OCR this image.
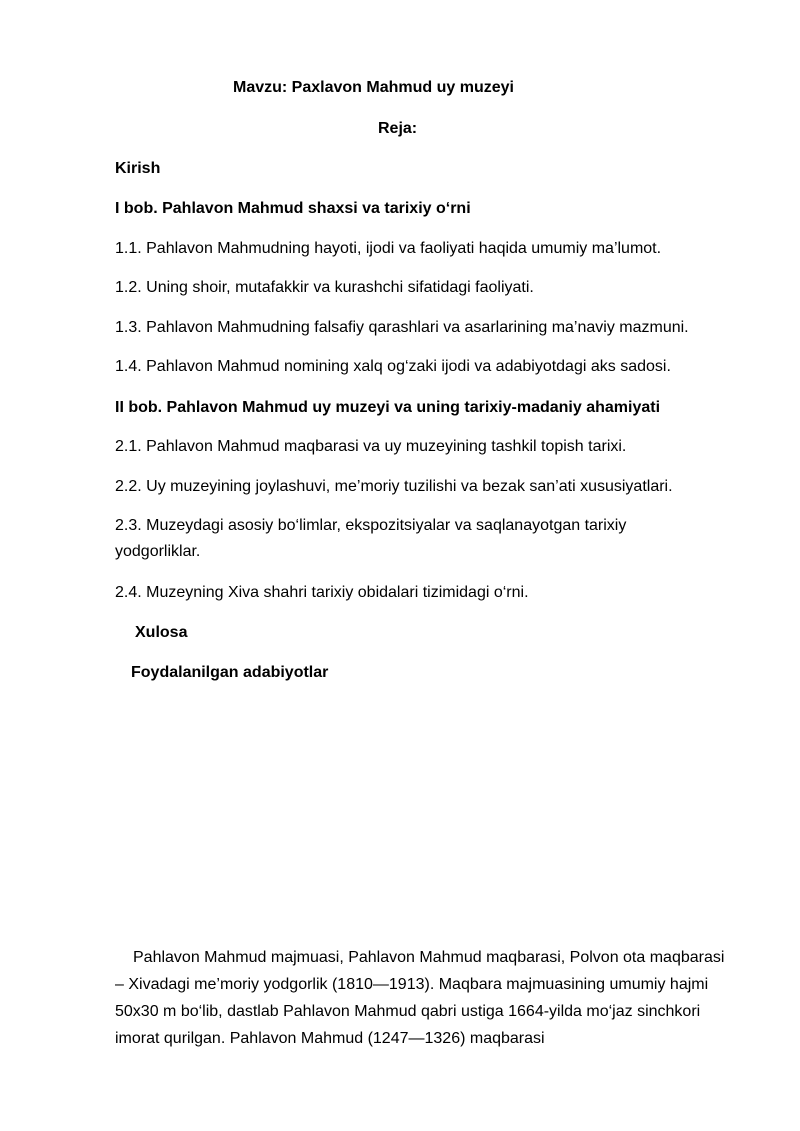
Mavzu: Paxlavon Mahmud uy muzeyi
Reja:
Kirish
I bob. Pahlavon Mahmud shaxsi va tarixiy o‘rni
1.1. Pahlavon Mahmudning hayoti, ijodi va faoliyati haqida umumiy ma’lumot.
1.2. Uning shoir, mutafakkir va kurashchi sifatidagi faoliyati.
1.3. Pahlavon Mahmudning falsafiy qarashlari va asarlarining ma’naviy mazmuni.
1.4. Pahlavon Mahmud nomining xalq og‘zaki ijodi va adabiyotdagi aks sadosi.
II bob. Pahlavon Mahmud uy muzeyi va uning tarixiy-madaniy ahamiyati
2.1. Pahlavon Mahmud maqbarasi va uy muzeyining tashkil topish tarixi.
2.2. Uy muzeyining joylashuvi, me’moriy tuzilishi va bezak san’ati xususiyatlari.
2.3. Muzeydagi asosiy bo‘limlar, ekspozitsiyalar va saqlanayotgan tarixiy yodgorliklar.
2.4. Muzeyning Xiva shahri tarixiy obidalari tizimidagi o‘rni.
Xulosa
Foydalanilgan adabiyotlar
Pahlavon Mahmud majmuasi, Pahlavon Mahmud maqbarasi, Polvon ota maqbarasi – Xivadagi me’moriy yodgorlik (1810—1913). Maqbara majmuasining umumiy hajmi 50x30 m bo‘lib, dastlab Pahlavon Mahmud qabri ustiga 1664-yilda mo‘jaz sinchkori imorat qurilgan. Pahlavon Mahmud (1247—1326) maqbarasi
